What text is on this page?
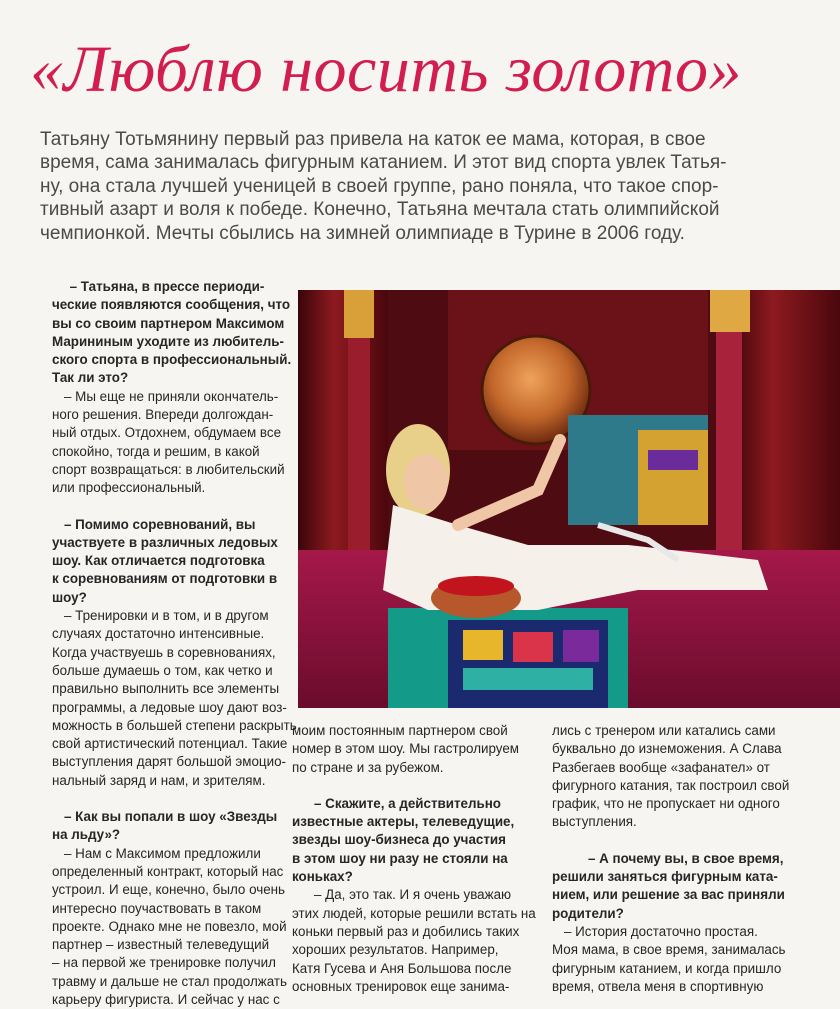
«Люблю носить золото»

Татьяну Тотьмянину первый раз привела на каток ее мама, которая, в свое
время, сама занималась фигурным катанием. И этот вид спорта увлек Татья-
ну, она стала лучшей ученицей в своей группе, рано поняла, что такое спор-
тивный азарт и воля к победе. Конечно, Татьяна мечтала стать олимпийской
чемпионкой. Мечты сбылись на зимней олимпиаде в Турине в 2006 году.

– Татьяна, в прессе периоди-
ческие появляются сообщения, что
вы со своим партнером Максимом
Марининым уходите из любитель-
ского спорта в профессиональный.
Так ли это?
– Мы еще не приняли окончатель-
ного решения. Впереди долгождан-
ный отдых. Отдохнем, обдумаем все
спокойно, тогда и решим, в какой
спорт возвращаться: в любительский
или профессиональный.
– Помимо соревнований, вы
участвуете в различных ледовых
шоу. Как отличается подготовка
к соревнованиям от подготовки в
шоу?
– Тренировки и в том, и в другом
случаях достаточно интенсивные.
Когда участвуешь в соревнованиях,
больше думаешь о том, как четко и
правильно выполнить все элементы
программы, а ледовые шоу дают воз-
можность в большей степени раскрыть
свой артистический потенциал. Такие
выступления дарят большой эмоцио-
нальный заряд и нам, и зрителям.
– Как вы попали в шоу «Звезды
на льду»?
– Нам с Максимом предложили
определенный контракт, который нас
устроил. И еще, конечно, было очень
интересно поучаствовать в таком
проекте. Однако мне не повезло, мой
партнер – известный телеведущий
– на первой же тренировке получил
травму и дальше не стал продолжать
карьеру фигуриста. И сейчас у нас с
моим постоянным партнером свой
номер в этом шоу. Мы гастролируем
по стране и за рубежом.
– Скажите, а действительно
известные актеры, телеведущие,
звезды шоу-бизнеса до участия
в этом шоу ни разу не стояли на
коньках?
– Да, это так. И я очень уважаю
этих людей, которые решили встать на
коньки первый раз и добились таких
хороших результатов. Например,
Катя Гусева и Аня Большова после
основных тренировок еще занима-
лись с тренером или катались сами
буквально до изнеможения. А Слава
Разбегаев вообще «зафанател» от
фигурного катания, так построил свой
график, что не пропускает ни одного
выступления.
– А почему вы, в свое время,
решили заняться фигурным ката-
нием, или решение за вас приняли
родители?
– История достаточно простая.
Моя мама, в свое время, занималась
фигурным катанием, и когда пришло
время, отвела меня в спортивную
